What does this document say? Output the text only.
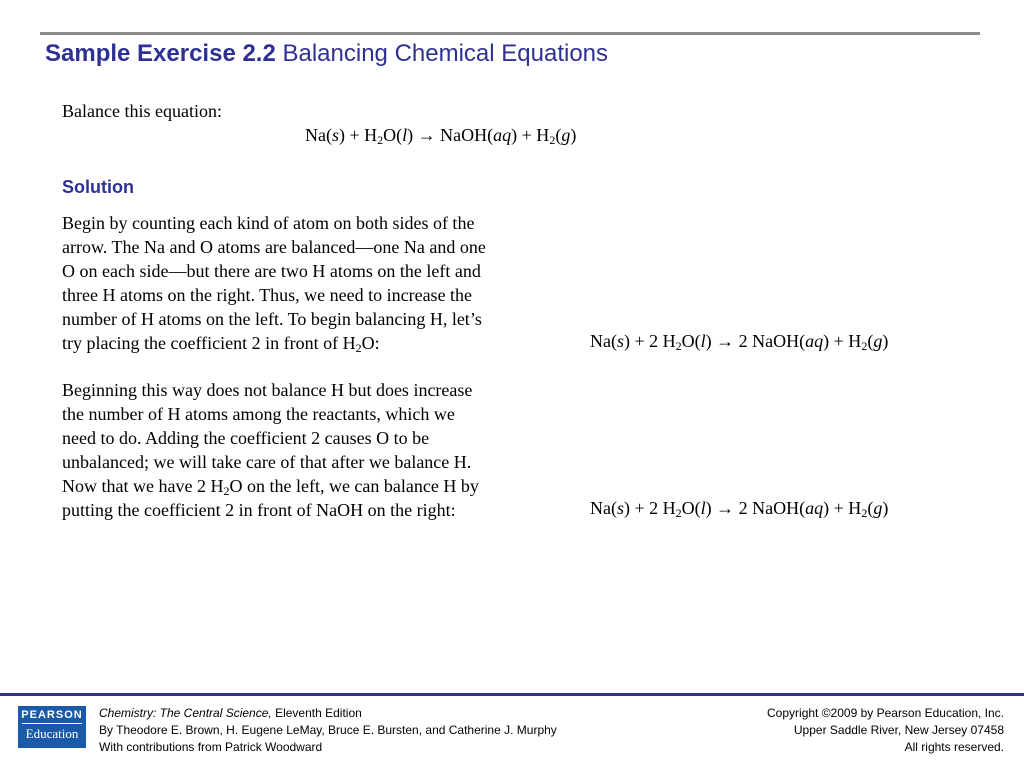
Sample Exercise 2.2 Balancing Chemical Equations
Balance this equation:
$Na(s) + H_2O(l)$ → NaOH(aq) + $H_2(g)$
Solution
Begin by counting each kind of atom on both sides of the
arrow. The Na and O atoms are balanced—one Na and one
O on each side—but there are two H atoms on the left and
three H atoms on the right. Thus, we need to increase the
number of H atoms on the left. To begin balancing H, let’s
try placing the coefficient 2 in front of $H_2O$:	Na(s) + 2 $H_2O(l) \to 2$ NaOH(aq) + $H_2(g)$
Beginning this way does not balance H but does increase
the number of H atoms among the reactants, which we
need to do. Adding the coefficient 2 causes O to be
unbalanced; we will take care of that after we balance H.
Now that we have 2 $H_2O$ on the left, we can balance H by
putting the coefficient 2 in front of NaOH on the right:	Na(s) + 2 $H_2O(l) \to 2$ NaOH(aq) + $H_2(g)$
PEARSON
Education
Chemistry: The Central Science, Eleventh Edition
By Theodore E. Brown, H. Eugene LeMay, Bruce E. Bursten, and Catherine J. Murphy
With contributions from Patrick Woodward
Copyright ©2009 by Pearson Education, Inc.
Upper Saddle River, New Jersey 07458
All rights reserved.
